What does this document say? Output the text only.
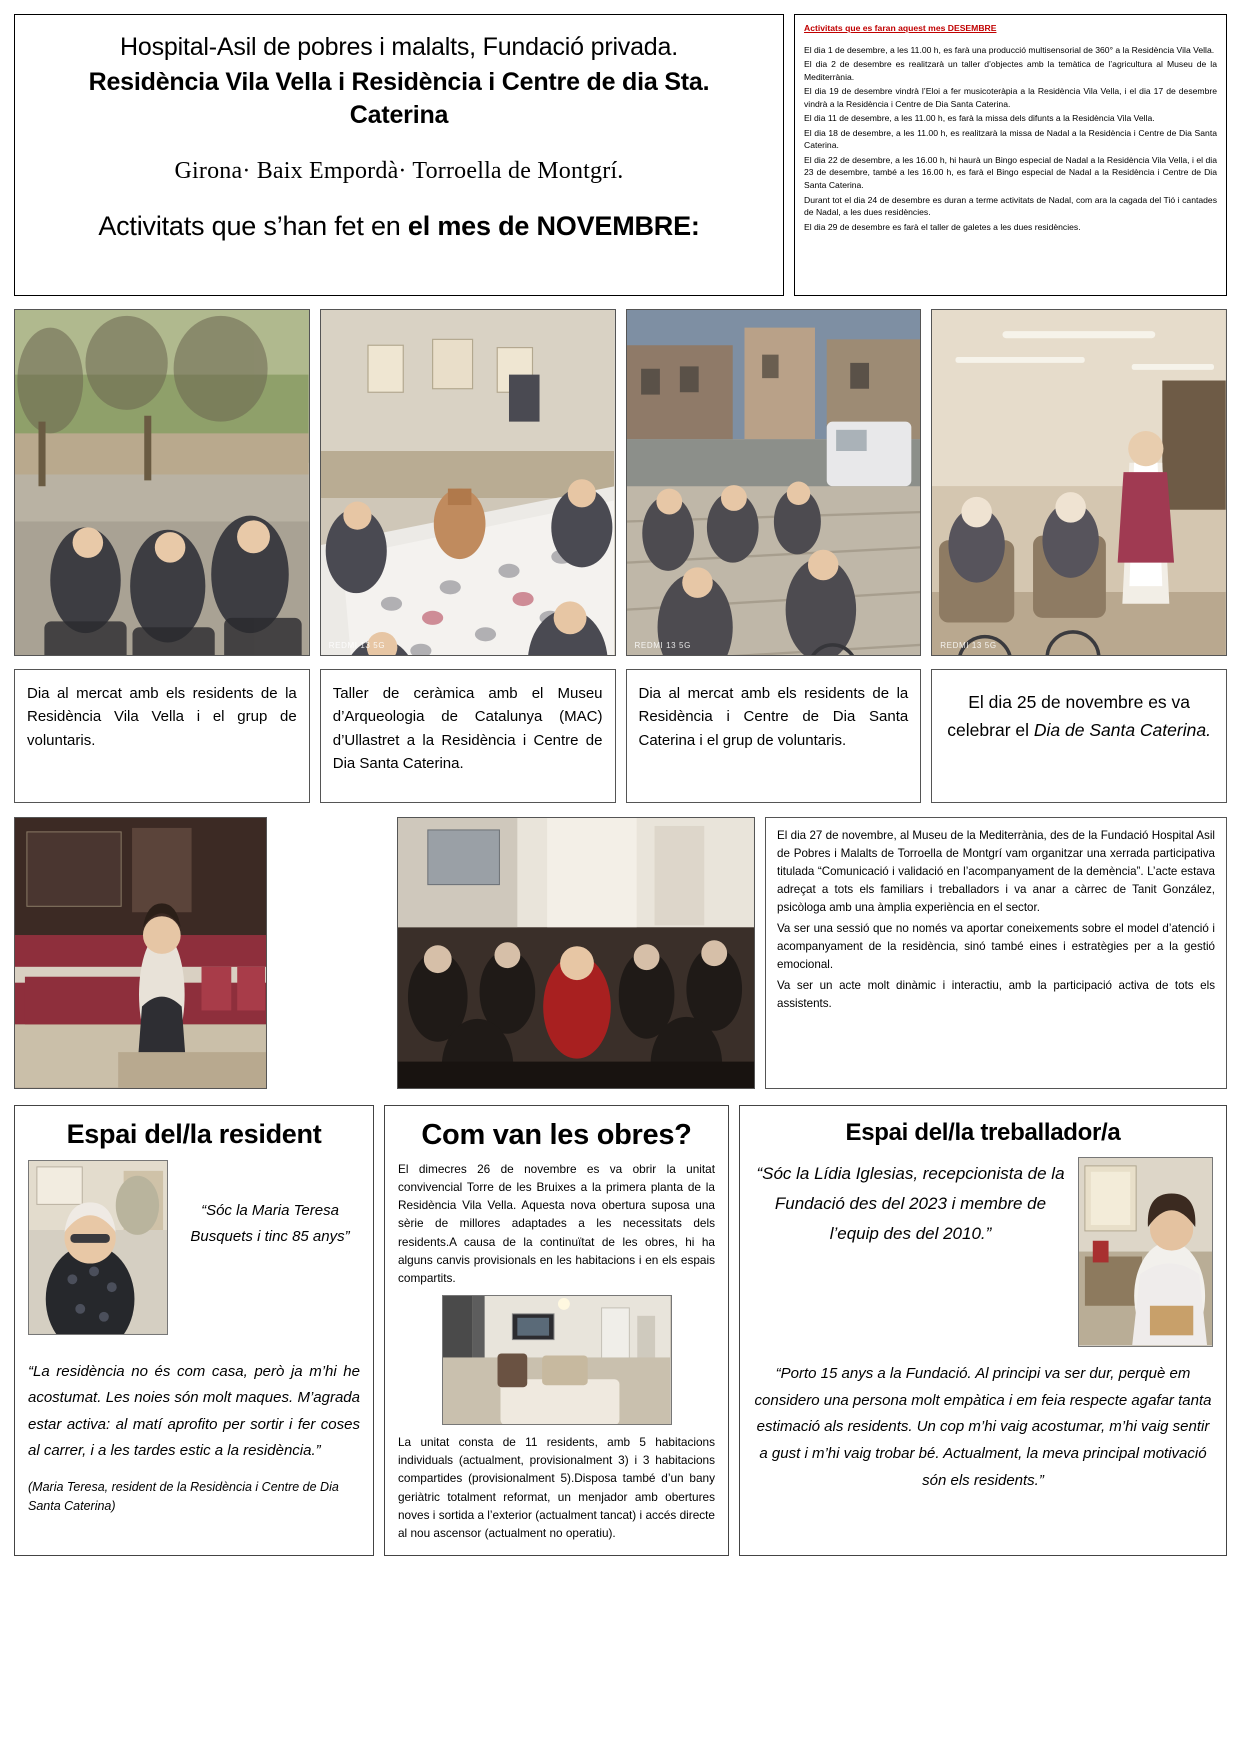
Hospital-Asil de pobres i malalts, Fundació privada.
Residència Vila Vella i Residència i Centre de dia Sta. Caterina
Girona· Baix Empordà· Torroella de Montgrí.
Activitats que s’han fet en el mes de NOVEMBRE:
Activitats que es faran aquest mes DESEMBRE

El dia 1 de desembre, a les 11.00 h, es farà una producció multisensorial de 360° a la Residència Vila Vella.

El dia 2 de desembre es realitzarà un taller d’objectes amb la temàtica de l’agricultura al Museu de la Mediterrània.

El dia 19 de desembre vindrà l’Eloi a fer musicoteràpia a la Residència Vila Vella, i el dia 17 de desembre vindrà a la Residència i Centre de Dia Santa Caterina.

El dia 11 de desembre, a les 11.00 h, es farà la missa dels difunts a la Residència Vila Vella.

El dia 18 de desembre, a les 11.00 h, es realitzarà la missa de Nadal a la Residència i Centre de Dia Santa Caterina.

El dia 22 de desembre, a les 16.00 h, hi haurà un Bingo especial de Nadal a la Residència Vila Vella, i el dia 23 de desembre, també a les 16.00 h, es farà el Bingo especial de Nadal a la Residència i Centre de Dia Santa Caterina.

Durant tot el dia 24 de desembre es duran a terme activitats de Nadal, com ara la cagada del Tió i cantades de Nadal, a les dues residències.

El dia 29 de desembre es farà el taller de galetes a les dues residències.

Dia al mercat amb els residents de la Residència Vila Vella i el grup de voluntaris.
REDMI 13 5G
Taller de ceràmica amb el Museu d’Arqueologia de Catalunya (MAC) d’Ullastret a la Residència i Centre de Dia Santa Caterina.
REDMI 13 5G
Dia al mercat amb els residents de la Residència i Centre de Dia Santa Caterina i el grup de voluntaris.
REDMI 13 5G
El dia 25 de novembre es va celebrar el Dia de Santa Caterina.

El dia 27 de novembre, al Museu de la Mediterrània, des de la Fundació Hospital Asil de Pobres i Malalts de Torroella de Montgrí vam organitzar una xerrada participativa titulada “Comunicació i validació en l’acompanyament de la demència”. L’acte estava adreçat a tots els familiars i treballadors i va anar a càrrec de Tanit González, psicòloga amb una àmplia experiència en el sector.

Va ser una sessió que no només va aportar coneixements sobre el model d’atenció i acompanyament de la residència, sinó també eines i estratègies per a la gestió emocional.

Va ser un acte molt dinàmic i interactiu, amb la participació activa de tots els assistents.

Espai del/la resident
“Sóc la Maria Teresa Busquets i tinc 85 anys”
“La residència no és com casa, però ja m’hi he acostumat. Les noies són molt maques. M’agrada estar activa: al matí aprofito per sortir i fer coses al carrer, i a les tardes estic a la residència.”
(Maria Teresa, resident de la Residència i Centre de Dia Santa Caterina)
Com van les obres?
El dimecres 26 de novembre es va obrir la unitat convivencial Torre de les Bruixes a la primera planta de la Residència Vila Vella. Aquesta nova obertura suposa una sèrie de millores adaptades a les necessitats dels residents.A causa de la continuïtat de les obres, hi ha alguns canvis provisionals en les habitacions i en els espais compartits.
La unitat consta de 11 residents, amb 5 habitacions individuals (actualment, provisionalment 3) i 3 habitacions compartides (provisionalment 5).Disposa també d’un bany geriàtric totalment reformat, un menjador amb obertures noves i sortida a l’exterior (actualment tancat) i accés directe al nou ascensor (actualment no operatiu).
Espai del/la treballador/a
“Sóc la Lídia Iglesias, recepcionista de la Fundació des del 2023 i membre de l’equip des del 2010.”
“Porto 15 anys a la Fundació. Al principi va ser dur, perquè em considero una persona molt empàtica i em feia respecte agafar tanta estimació als residents. Un cop m’hi vaig acostumar, m’hi vaig sentir a gust i m’hi vaig trobar bé. Actualment, la meva principal motivació són els residents.”
